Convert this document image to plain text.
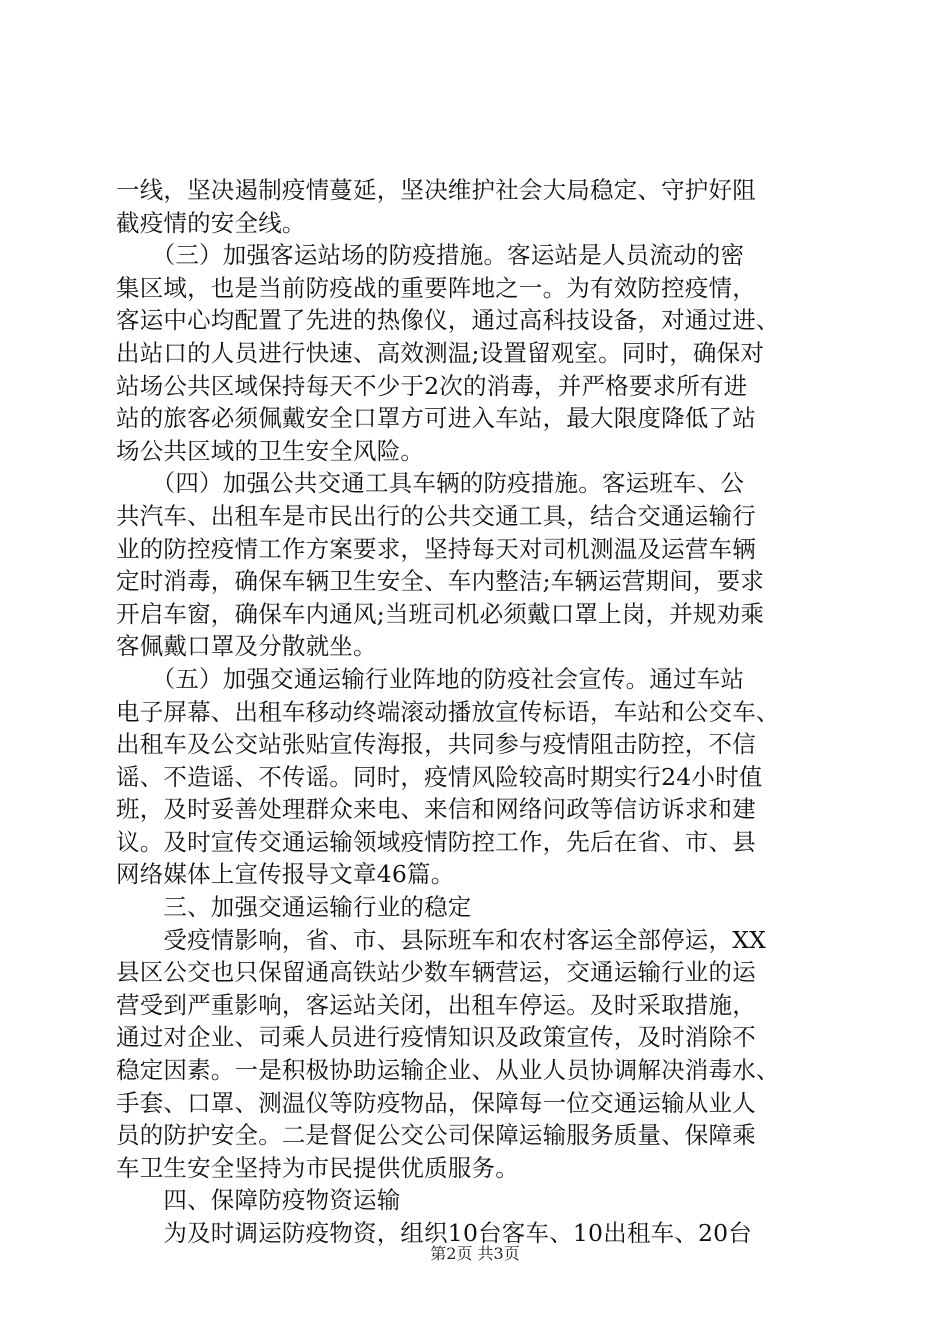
一线，坚决遏制疫情蔓延，坚决维护社会大局稳定、守护好阻
截疫情的安全线。
　　（三）加强客运站场的防疫措施。客运站是人员流动的密
集区域，也是当前防疫战的重要阵地之一。为有效防控疫情，
客运中心均配置了先进的热像仪，通过高科技设备，对通过进、
出站口的人员进行快速、高效测温;设置留观室。同时，确保对
站场公共区域保持每天不少于2次的消毒，并严格要求所有进
站的旅客必须佩戴安全口罩方可进入车站，最大限度降低了站
场公共区域的卫生安全风险。
　　（四）加强公共交通工具车辆的防疫措施。客运班车、公
共汽车、出租车是市民出行的公共交通工具，结合交通运输行
业的防控疫情工作方案要求，坚持每天对司机测温及运营车辆
定时消毒，确保车辆卫生安全、车内整洁;车辆运营期间，要求
开启车窗，确保车内通风;当班司机必须戴口罩上岗，并规劝乘
客佩戴口罩及分散就坐。
　　（五）加强交通运输行业阵地的防疫社会宣传。通过车站
电子屏幕、出租车移动终端滚动播放宣传标语，车站和公交车、
出租车及公交站张贴宣传海报，共同参与疫情阻击防控，不信
谣、不造谣、不传谣。同时，疫情风险较高时期实行24小时值
班，及时妥善处理群众来电、来信和网络问政等信访诉求和建
议。及时宣传交通运输领域疫情防控工作，先后在省、市、县
网络媒体上宣传报导文章46篇。
　　三、加强交通运输行业的稳定
　　受疫情影响，省、市、县际班车和农村客运全部停运，XX
县区公交也只保留通高铁站少数车辆营运，交通运输行业的运
营受到严重影响，客运站关闭，出租车停运。及时采取措施，
通过对企业、司乘人员进行疫情知识及政策宣传，及时消除不
稳定因素。一是积极协助运输企业、从业人员协调解决消毒水、
手套、口罩、测温仪等防疫物品，保障每一位交通运输从业人
员的防护安全。二是督促公交公司保障运输服务质量、保障乘
车卫生安全坚持为市民提供优质服务。
　　四、保障防疫物资运输
　　为及时调运防疫物资，组织10台客车、10出租车、20台
第2页 共3页
